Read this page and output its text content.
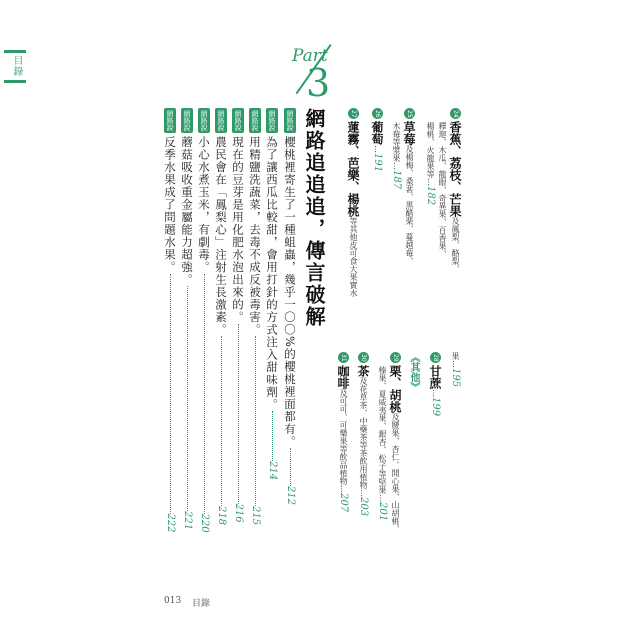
目錄	Part
3
網路追追追，傳言破解	24香蕉、荔枝、芒果及鳳梨、酪梨、
釋迦、木瓜、龍眼、奇異果、百香果、
楊桃、火龍果等…182
25草莓及楊梅、桑葚、黑醋栗、蔓越莓、
木莓等漿果…187
26葡萄…191
27蓮霧、芭樂、楊桃等其他皮可食大果實水
果…195
28甘蔗…199
《其他》
29栗、胡桃及腰果、杏仁、開心果、山胡桃、
榛果、夏威夷果、銀杏、松子等堅果…201
30茶及花草茶、中藥茶等茶飲用植物…203
31咖啡及可可、可樂果等飲品植物…207
網路說櫻桃裡寄生了一種蛆蟲，幾乎一〇〇%的櫻桃裡面都有。212
網路說為了讓西瓜比較甜，會用打針的方式注入甜味劑。214
網路說用精鹽洗蔬菜，去毒不成反被毒害。215
網路說現在的豆芽是用化肥水泡出來的。216
網路說農民會在「鳳梨心」注射生長激素。218
網路說小心水煮玉米，有劇毒。220
網路說蘑菇吸收重金屬能力超強。221
網路說反季水果成了問題水果。222
013 目錄
